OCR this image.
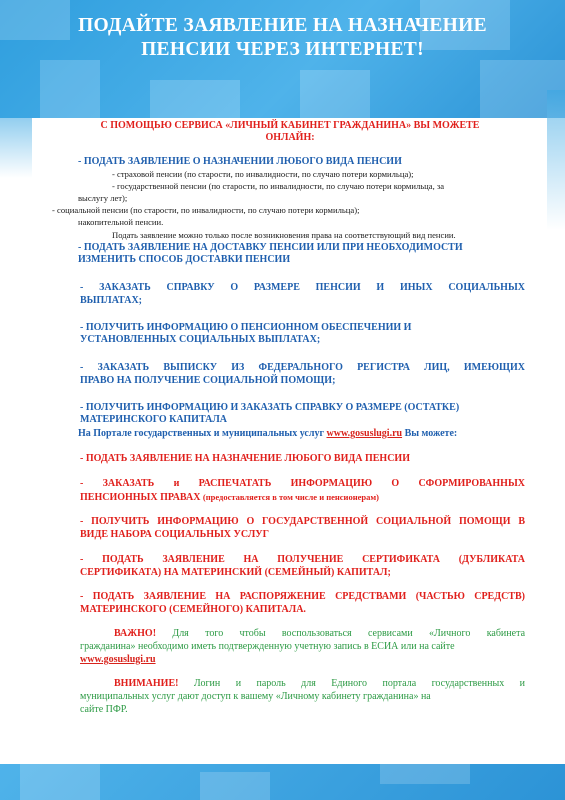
ПОДАЙТЕ ЗАЯВЛЕНИЕ НА НАЗНАЧЕНИЕ
ПЕНСИИ ЧЕРЕЗ ИНТЕРНЕТ!

С ПОМОЩЬЮ СЕРВИСА «ЛИЧНЫЙ КАБИНЕТ ГРАЖДАНИНА» ВЫ МОЖЕТЕ
ОНЛАЙН:

- ПОДАТЬ ЗАЯВЛЕНИЕ О НАЗНАЧЕНИИ ЛЮБОГО ВИДА ПЕНСИИ

- страховой пенсии (по старости, по инвалидности, по случаю потери кормильца);

- государственной пенсии (по старости, по инвалидности, по случаю потери кормильца, за

выслугу лет);

- социальной пенсии (по старости, по инвалидности, по случаю потери кормильца);

накопительной пенсии.

Подать заявление можно только после возникновения права на соответствующий вид пенсии.

- ПОДАТЬ ЗАЯВЛЕНИЕ НА ДОСТАВКУ ПЕНСИИ ИЛИ ПРИ НЕОБХОДИМОСТИ
ИЗМЕНИТЬ СПОСОБ ДОСТАВКИ ПЕНСИИ

- ЗАКАЗАТЬ СПРАВКУ О РАЗМЕРЕ ПЕНСИИ И ИНЫХ СОЦИАЛЬНЫХ

ВЫПЛАТАХ;

- ПОЛУЧИТЬ ИНФОРМАЦИЮ О ПЕНСИОННОМ ОБЕСПЕЧЕНИИ И
УСТАНОВЛЕННЫХ СОЦИАЛЬНЫХ ВЫПЛАТАХ;

- ЗАКАЗАТЬ ВЫПИСКУ ИЗ ФЕДЕРАЛЬНОГО РЕГИСТРА ЛИЦ, ИМЕЮЩИХ

ПРАВО НА ПОЛУЧЕНИЕ СОЦИАЛЬНОЙ ПОМОЩИ;

- ПОЛУЧИТЬ ИНФОРМАЦИЮ И ЗАКАЗАТЬ СПРАВКУ О РАЗМЕРЕ (ОСТАТКЕ)
МАТЕРИНСКОГО КАПИТАЛА

На Портале государственных и муниципальных услуг www.gosuslugi.ru Вы можете:

- ПОДАТЬ ЗАЯВЛЕНИЕ НА НАЗНАЧЕНИЕ ЛЮБОГО ВИДА ПЕНСИИ

- ЗАКАЗАТЬ и РАСПЕЧАТАТЬ ИНФОРМАЦИЮ О СФОРМИРОВАННЫХ

ПЕНСИОННЫХ ПРАВАХ (предоставляется в том числе и пенсионерам)

- ПОЛУЧИТЬ ИНФОРМАЦИЮ О ГОСУДАРСТВЕННОЙ СОЦИАЛЬНОЙ ПОМОЩИ В

ВИДЕ НАБОРА СОЦИАЛЬНЫХ УСЛУГ

- ПОДАТЬ ЗАЯВЛЕНИЕ НА ПОЛУЧЕНИЕ СЕРТИФИКАТА (ДУБЛИКАТА

СЕРТИФИКАТА) НА МАТЕРИНСКИЙ (СЕМЕЙНЫЙ) КАПИТАЛ;

- ПОДАТЬ ЗАЯВЛЕНИЕ НА РАСПОРЯЖЕНИЕ СРЕДСТВАМИ (ЧАСТЬЮ СРЕДСТВ)

МАТЕРИНСКОГО (СЕМЕЙНОГО) КАПИТАЛА.

ВАЖНО! Для того чтобы воспользоваться сервисами «Личного кабинета

гражданина» необходимо иметь подтвержденную учетную запись в ЕСИА или на сайте

www.gosuslugi.ru

ВНИМАНИЕ! Логин и пароль для Единого портала государственных и

муниципальных услуг дают доступ к вашему «Личному кабинету гражданина» на

сайте ПФР.
